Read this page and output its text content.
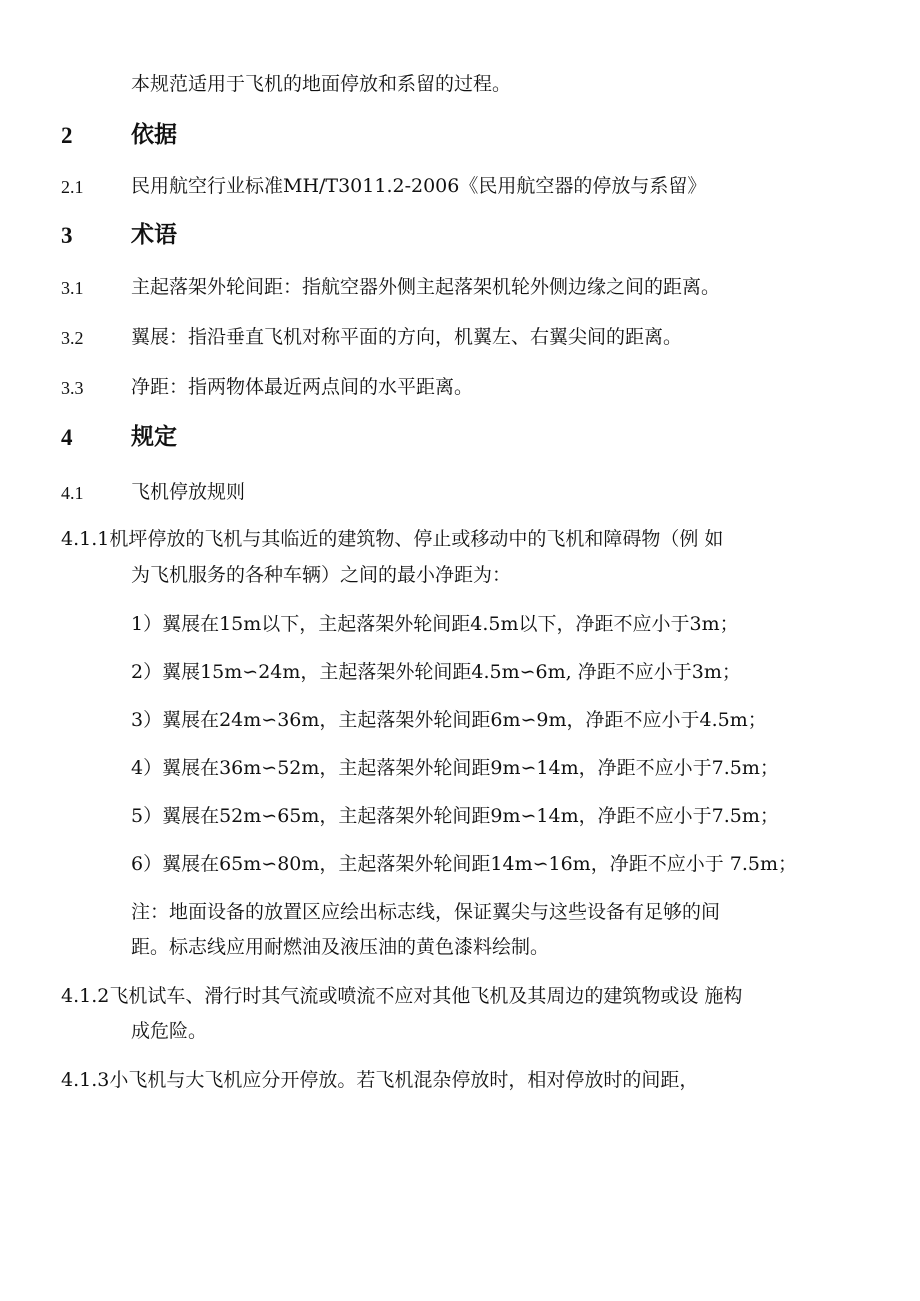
本规范适用于飞机的地面停放和系留的过程。
2	依据
2.1	民用航空行业标准MH/T3011.2-2006《民用航空器的停放与系留》
3	术语
3.1	主起落架外轮间距：指航空器外侧主起落架机轮外侧边缘之间的距离。
3.2	翼展：指沿垂直飞机对称平面的方向，机翼左、右翼尖间的距离。
3.3	净距：指两物体最近两点间的水平距离。
4	规定
4.1	飞机停放规则
4.1.1机坪停放的飞机与其临近的建筑物、停止或移动中的飞机和障碍物（例 如
为飞机服务的各种车辆）之间的最小净距为：
1）翼展在15m以下，主起落架外轮间距4.5m以下，净距不应小于3m；
2）翼展15m∽24m，主起落架外轮间距4.5m∽6m, 净距不应小于3m；
3）翼展在24m∽36m，主起落架外轮间距6m∽9m，净距不应小于4.5m；
4）翼展在36m∽52m，主起落架外轮间距9m∽14m，净距不应小于7.5m；
5）翼展在52m∽65m，主起落架外轮间距9m∽14m，净距不应小于7.5m；
6）翼展在65m∽80m，主起落架外轮间距14m∽16m，净距不应小于 7.5m；
注：地面设备的放置区应绘出标志线，保证翼尖与这些设备有足够的间
距。标志线应用耐燃油及液压油的黄色漆料绘制。
4.1.2飞机试车、滑行时其气流或喷流不应对其他飞机及其周边的建筑物或设 施构
成危险。
4.1.3小飞机与大飞机应分开停放。若飞机混杂停放时，相对停放时的间距，
